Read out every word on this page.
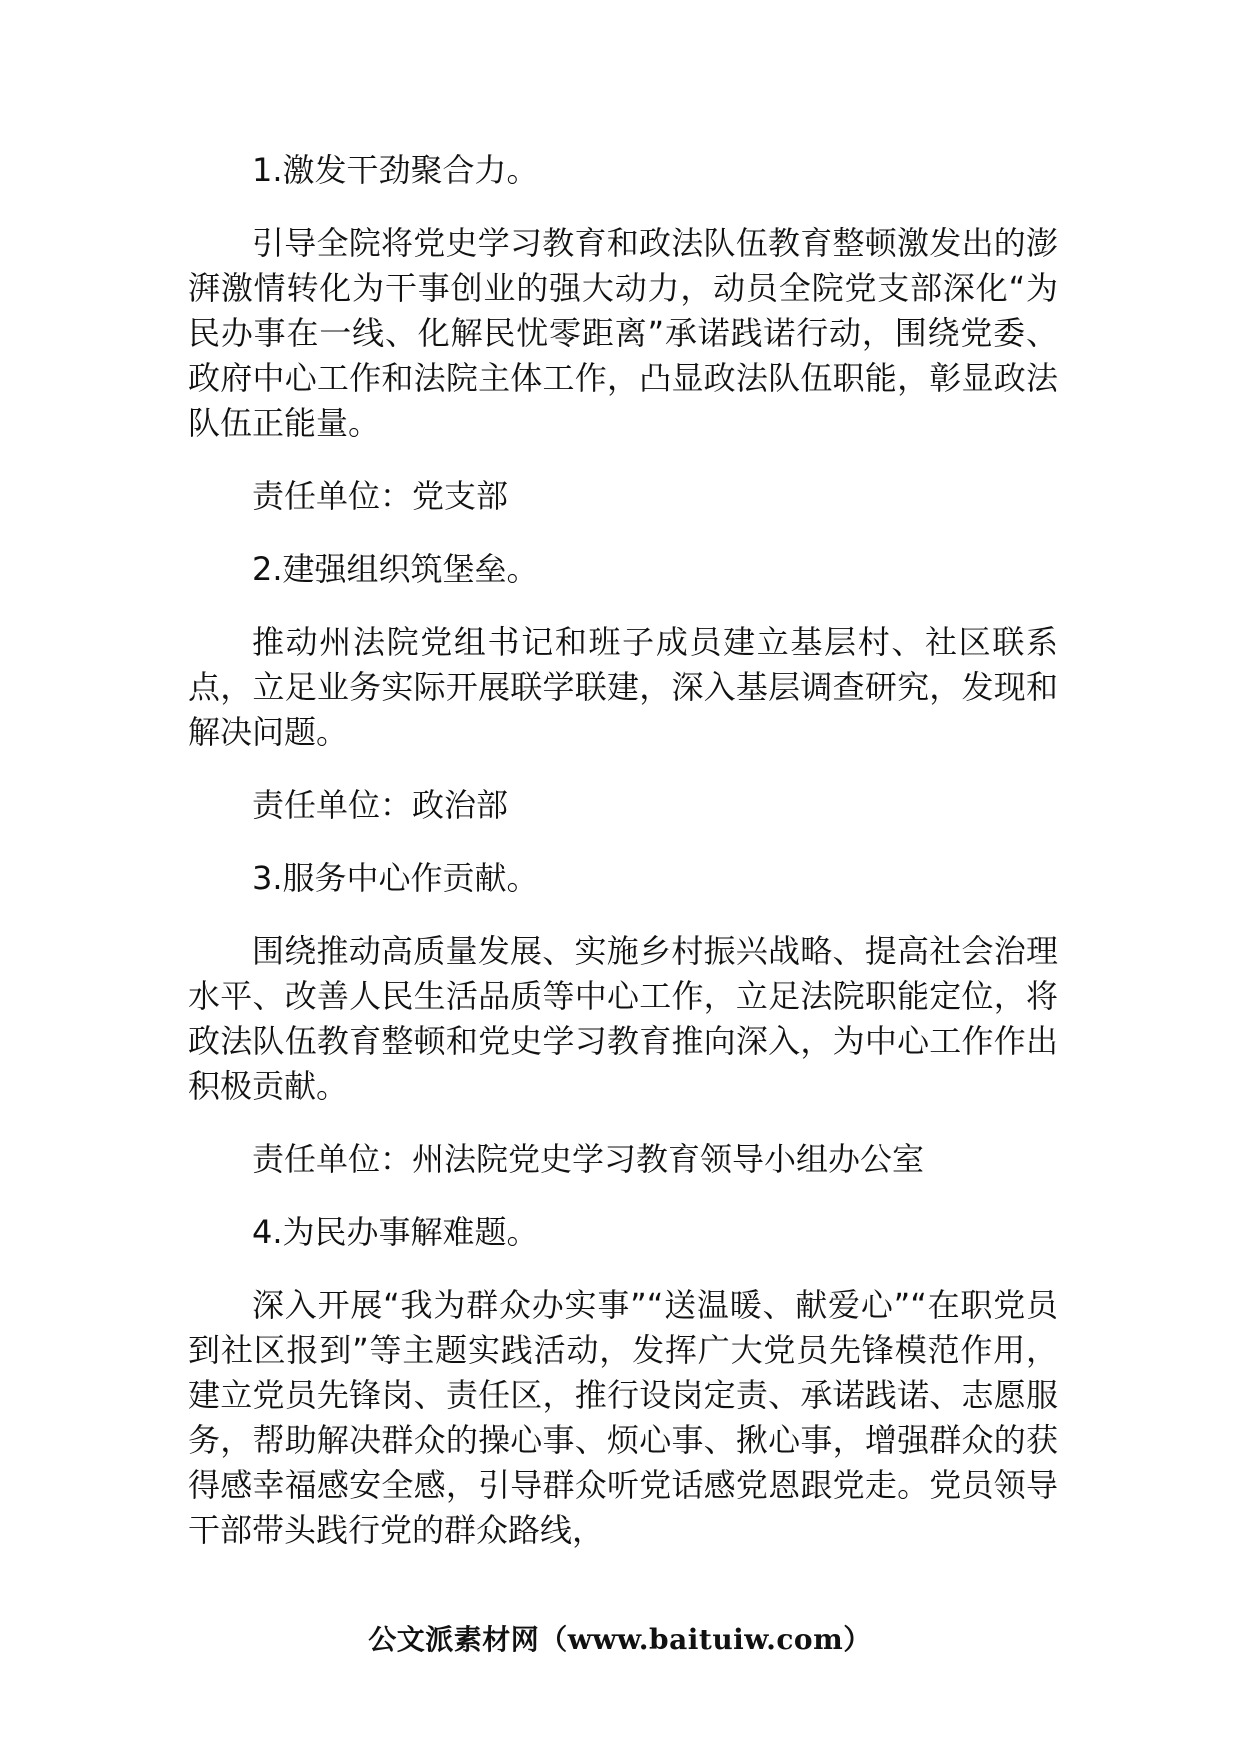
1.激发干劲聚合力。

引导全院将党史学习教育和政法队伍教育整顿激发出的澎湃激情转化为干事创业的强大动力，动员全院党支部深化“为民办事在一线、化解民忧零距离”承诺践诺行动，围绕党委、政府中心工作和法院主体工作，凸显政法队伍职能，彰显政法队伍正能量。

责任单位：党支部

2.建强组织筑堡垒。

推动州法院党组书记和班子成员建立基层村、社区联系点，立足业务实际开展联学联建，深入基层调查研究，发现和解决问题。

责任单位：政治部

3.服务中心作贡献。

围绕推动高质量发展、实施乡村振兴战略、提高社会治理水平、改善人民生活品质等中心工作，立足法院职能定位，将政法队伍教育整顿和党史学习教育推向深入，为中心工作作出积极贡献。

责任单位：州法院党史学习教育领导小组办公室

4.为民办事解难题。

深入开展“我为群众办实事”“送温暖、献爱心”“在职党员到社区报到”等主题实践活动，发挥广大党员先锋模范作用，建立党员先锋岗、责任区，推行设岗定责、承诺践诺、志愿服务，帮助解决群众的操心事、烦心事、揪心事，增强群众的获得感幸福感安全感，引导群众听党话感党恩跟党走。党员领导干部带头践行党的群众路线，

公文派素材网（www.baituiw.com）
